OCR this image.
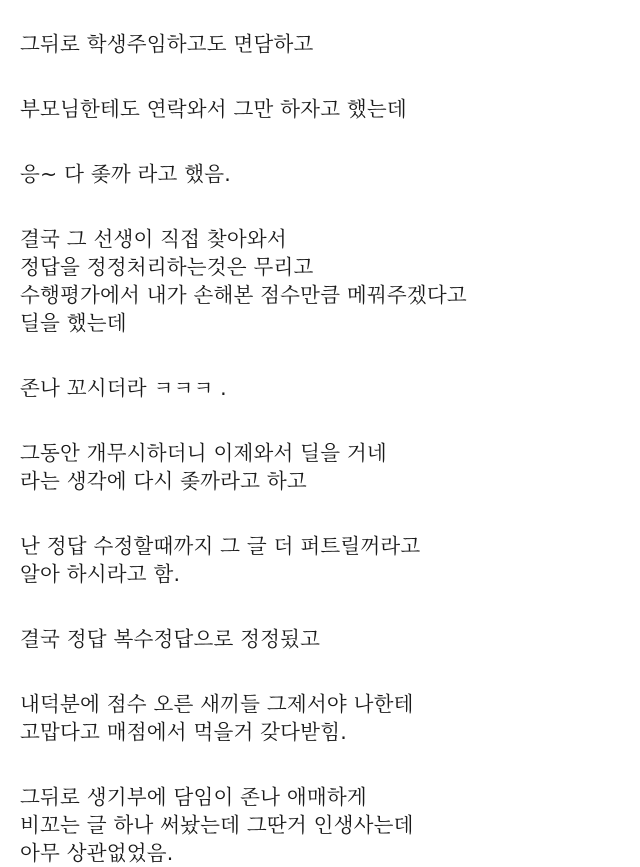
그뒤로 학생주임하고도 면담하고

부모님한테도 연락와서 그만 하자고 했는데

응~ 다 좆까 라고 했음.

결국 그 선생이 직접 찾아와서
정답을 정정처리하는것은 무리고
수행평가에서 내가 손해본 점수만큼 메꿔주겠다고
딜을 했는데

존나 꼬시더라 ㅋㅋㅋ .

그동안 개무시하더니 이제와서 딜을 거네
라는 생각에 다시 좆까라고 하고

난 정답 수정할때까지 그 글 더 퍼트릴꺼라고
알아 하시라고 함.

결국 정답 복수정답으로 정정됬고

내덕분에 점수 오른 새끼들 그제서야 나한테
고맙다고 매점에서 먹을거 갖다받힘.

그뒤로 생기부에 담임이 존나 애매하게
비꼬는 글 하나 써놨는데 그딴거 인생사는데
아무 상관없었음.
